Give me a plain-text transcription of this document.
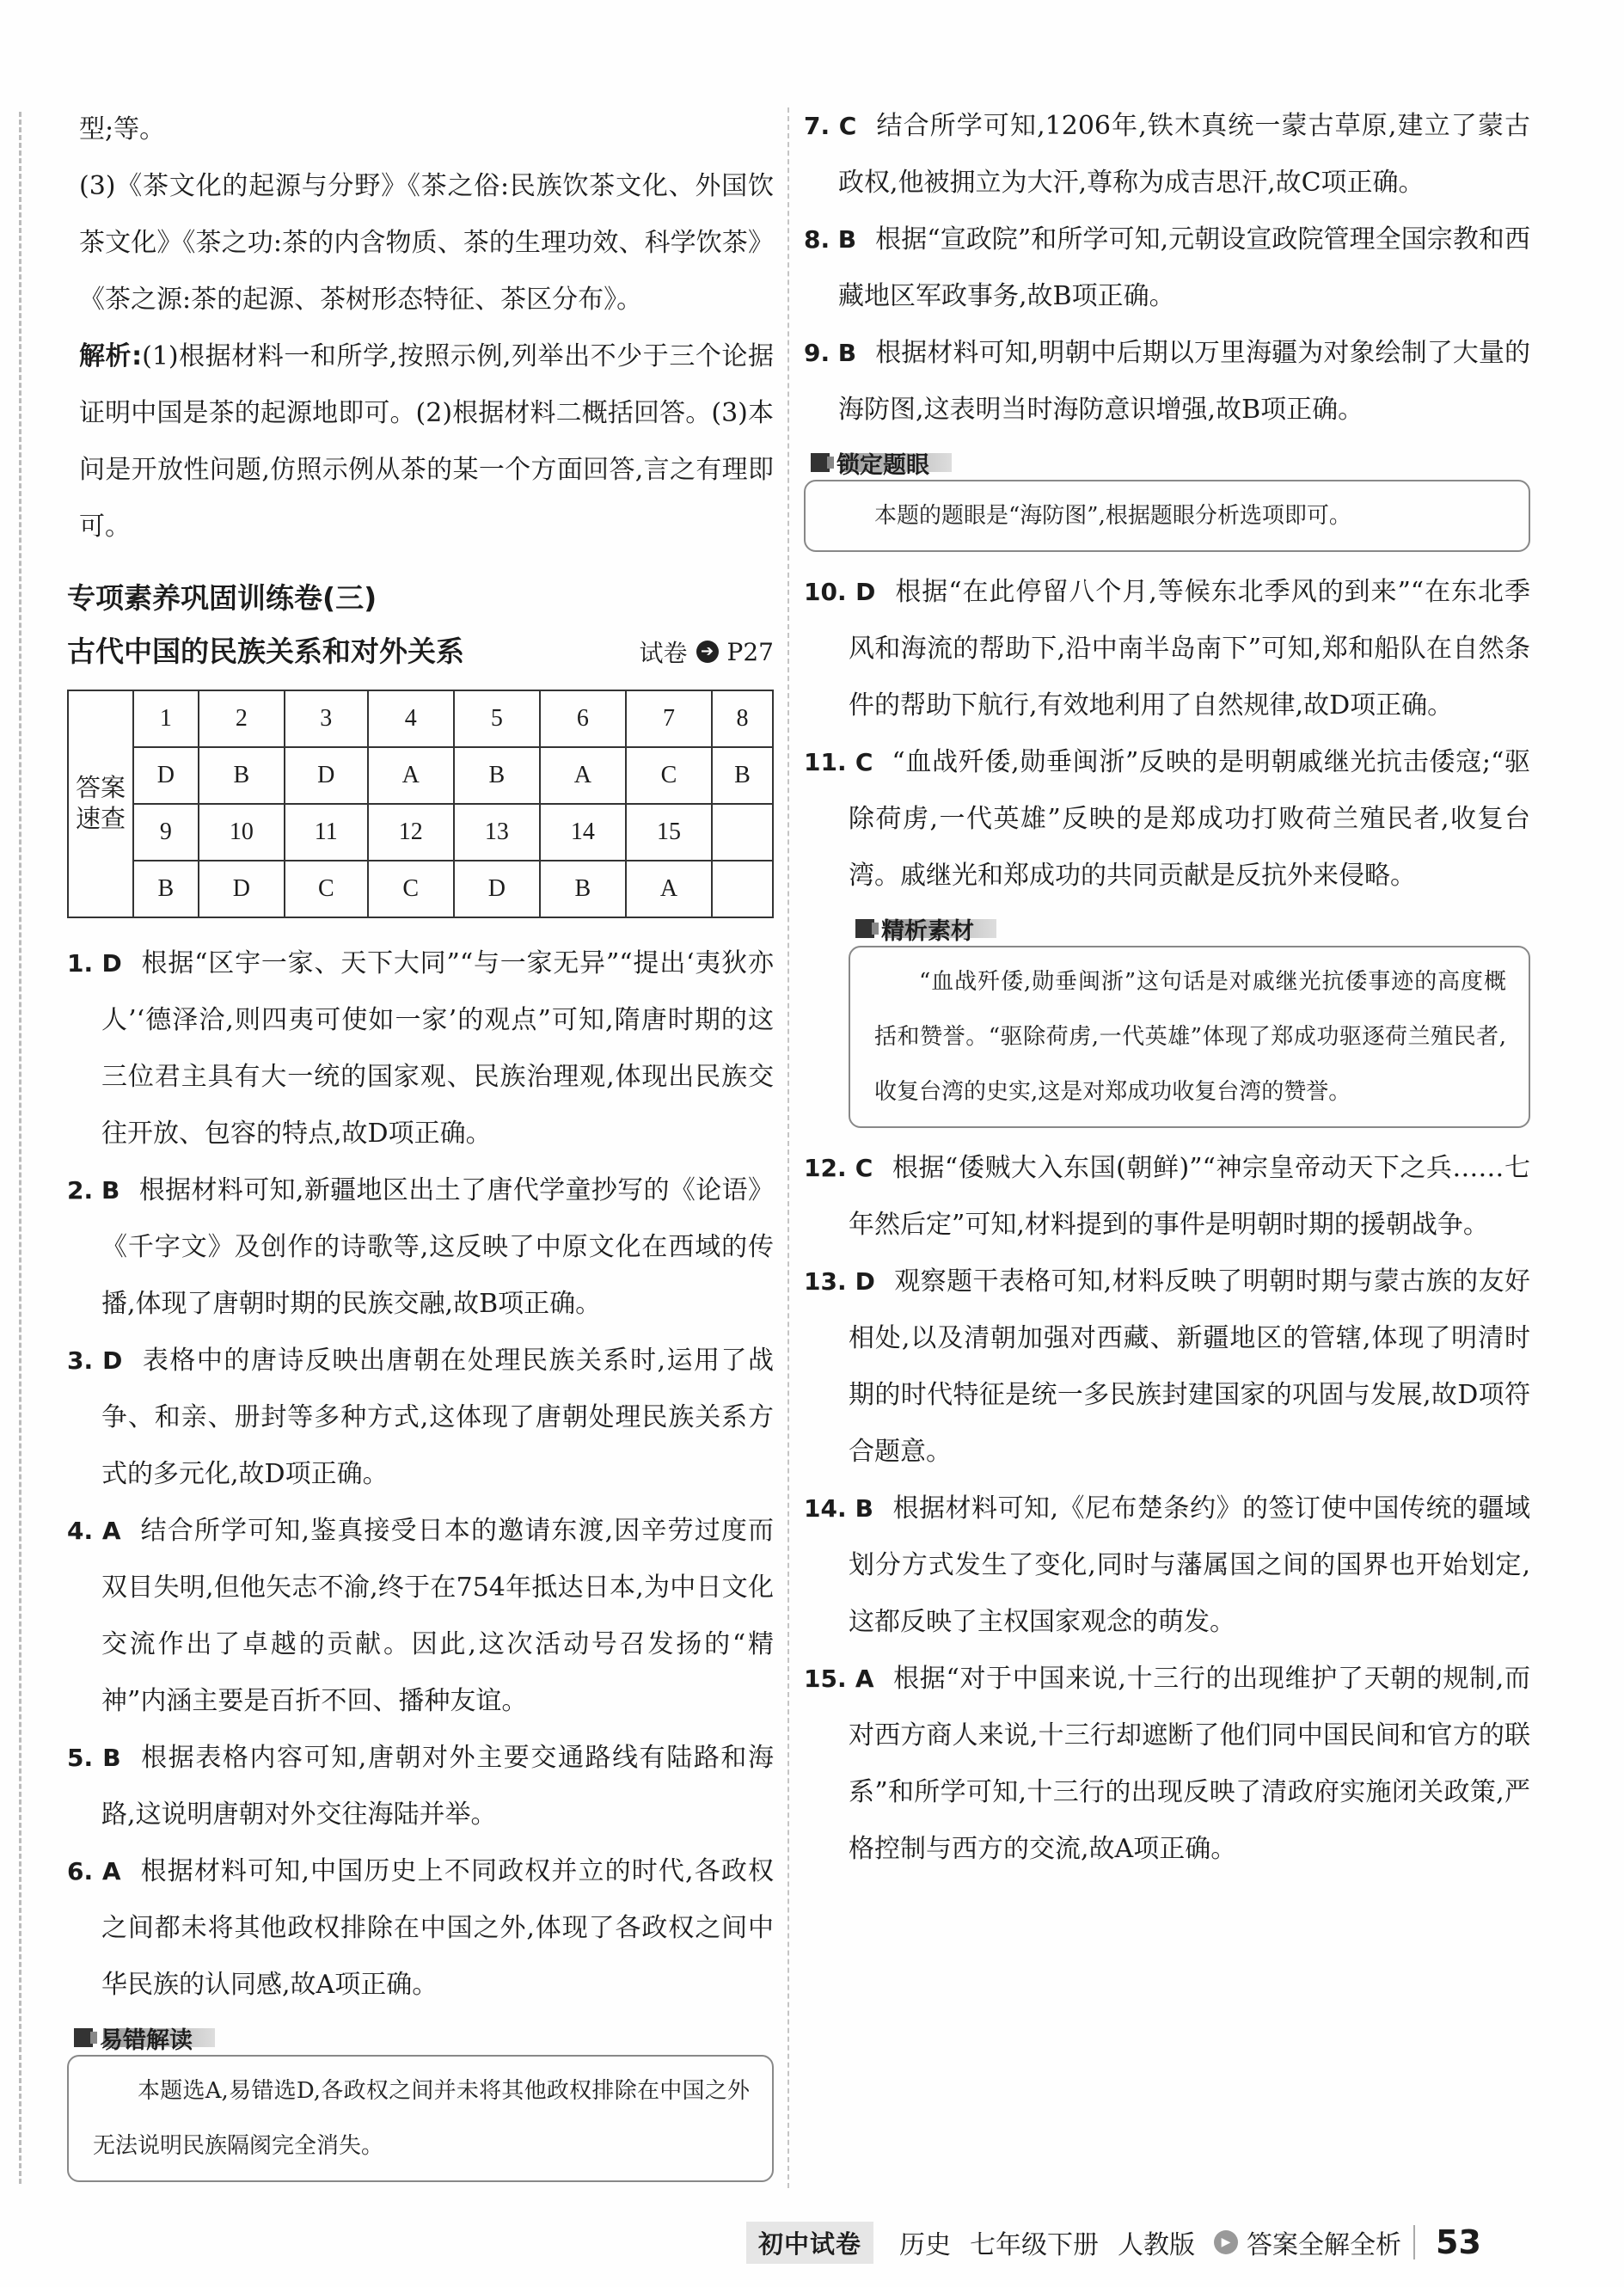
型;等。

(3)《茶文化的起源与分野》《茶之俗:民族饮茶文化、外国饮茶文化》《茶之功:茶的内含物质、茶的生理功效、科学饮茶》《茶之源:茶的起源、茶树形态特征、茶区分布》。

解析:(1)根据材料一和所学,按照示例,列举出不少于三个论据证明中国是茶的起源地即可。(2)根据材料二概括回答。(3)本问是开放性问题,仿照示例从茶的某一个方面回答,言之有理即可。

专项素养巩固训练卷(三)
古代中国的民族关系和对外关系	试卷 ➔ P27
答案速查	1	2	3	4	5	6	7	8
	D	B	D	A	B	A	C	B
	9	10	11	12	13	14	15	
	B	D	C	C	D	B	A	

1. D 根据“区宇一家、天下大同”“与一家无异”“提出‘夷狄亦人’‘德泽洽,则四夷可使如一家’的观点”可知,隋唐时期的这三位君主具有大一统的国家观、民族治理观,体现出民族交往开放、包容的特点,故D项正确。

2. B 根据材料可知,新疆地区出土了唐代学童抄写的《论语》《千字文》及创作的诗歌等,这反映了中原文化在西域的传播,体现了唐朝时期的民族交融,故B项正确。

3. D 表格中的唐诗反映出唐朝在处理民族关系时,运用了战争、和亲、册封等多种方式,这体现了唐朝处理民族关系方式的多元化,故D项正确。

4. A 结合所学可知,鉴真接受日本的邀请东渡,因辛劳过度而双目失明,但他矢志不渝,终于在754年抵达日本,为中日文化交流作出了卓越的贡献。因此,这次活动号召发扬的“精神”内涵主要是百折不回、播种友谊。

5. B 根据表格内容可知,唐朝对外主要交通路线有陆路和海路,这说明唐朝对外交往海陆并举。

6. A 根据材料可知,中国历史上不同政权并立的时代,各政权之间都未将其他政权排除在中国之外,体现了各政权之间中华民族的认同感,故A项正确。

易错解读
本题选A,易错选D,各政权之间并未将其他政权排除在中国之外无法说明民族隔阂完全消失。

7. C 结合所学可知,1206年,铁木真统一蒙古草原,建立了蒙古政权,他被拥立为大汗,尊称为成吉思汗,故C项正确。

8. B 根据“宣政院”和所学可知,元朝设宣政院管理全国宗教和西藏地区军政事务,故B项正确。

9. B 根据材料可知,明朝中后期以万里海疆为对象绘制了大量的海防图,这表明当时海防意识增强,故B项正确。

锁定题眼
本题的题眼是“海防图”,根据题眼分析选项即可。

10. D 根据“在此停留八个月,等候东北季风的到来”“在东北季风和海流的帮助下,沿中南半岛南下”可知,郑和船队在自然条件的帮助下航行,有效地利用了自然规律,故D项正确。

11. C “血战歼倭,勋垂闽浙”反映的是明朝戚继光抗击倭寇;“驱除荷虏,一代英雄”反映的是郑成功打败荷兰殖民者,收复台湾。戚继光和郑成功的共同贡献是反抗外来侵略。

精析素材
“血战歼倭,勋垂闽浙”这句话是对戚继光抗倭事迹的高度概括和赞誉。“驱除荷虏,一代英雄”体现了郑成功驱逐荷兰殖民者,收复台湾的史实,这是对郑成功收复台湾的赞誉。

12. C 根据“倭贼大入东国(朝鲜)”“神宗皇帝动天下之兵……七年然后定”可知,材料提到的事件是明朝时期的援朝战争。

13. D 观察题干表格可知,材料反映了明朝时期与蒙古族的友好相处,以及清朝加强对西藏、新疆地区的管辖,体现了明清时期的时代特征是统一多民族封建国家的巩固与发展,故D项符合题意。

14. B 根据材料可知,《尼布楚条约》的签订使中国传统的疆域划分方式发生了变化,同时与藩属国之间的国界也开始划定,这都反映了主权国家观念的萌发。

15. A 根据“对于中国来说,十三行的出现维护了天朝的规制,而对西方商人来说,十三行却遮断了他们同中国民间和官方的联系”和所学可知,十三行的出现反映了清政府实施闭关政策,严格控制与西方的交流,故A项正确。

初中试卷	历史 七年级下册 人教版	▶ 答案全解全析 53
